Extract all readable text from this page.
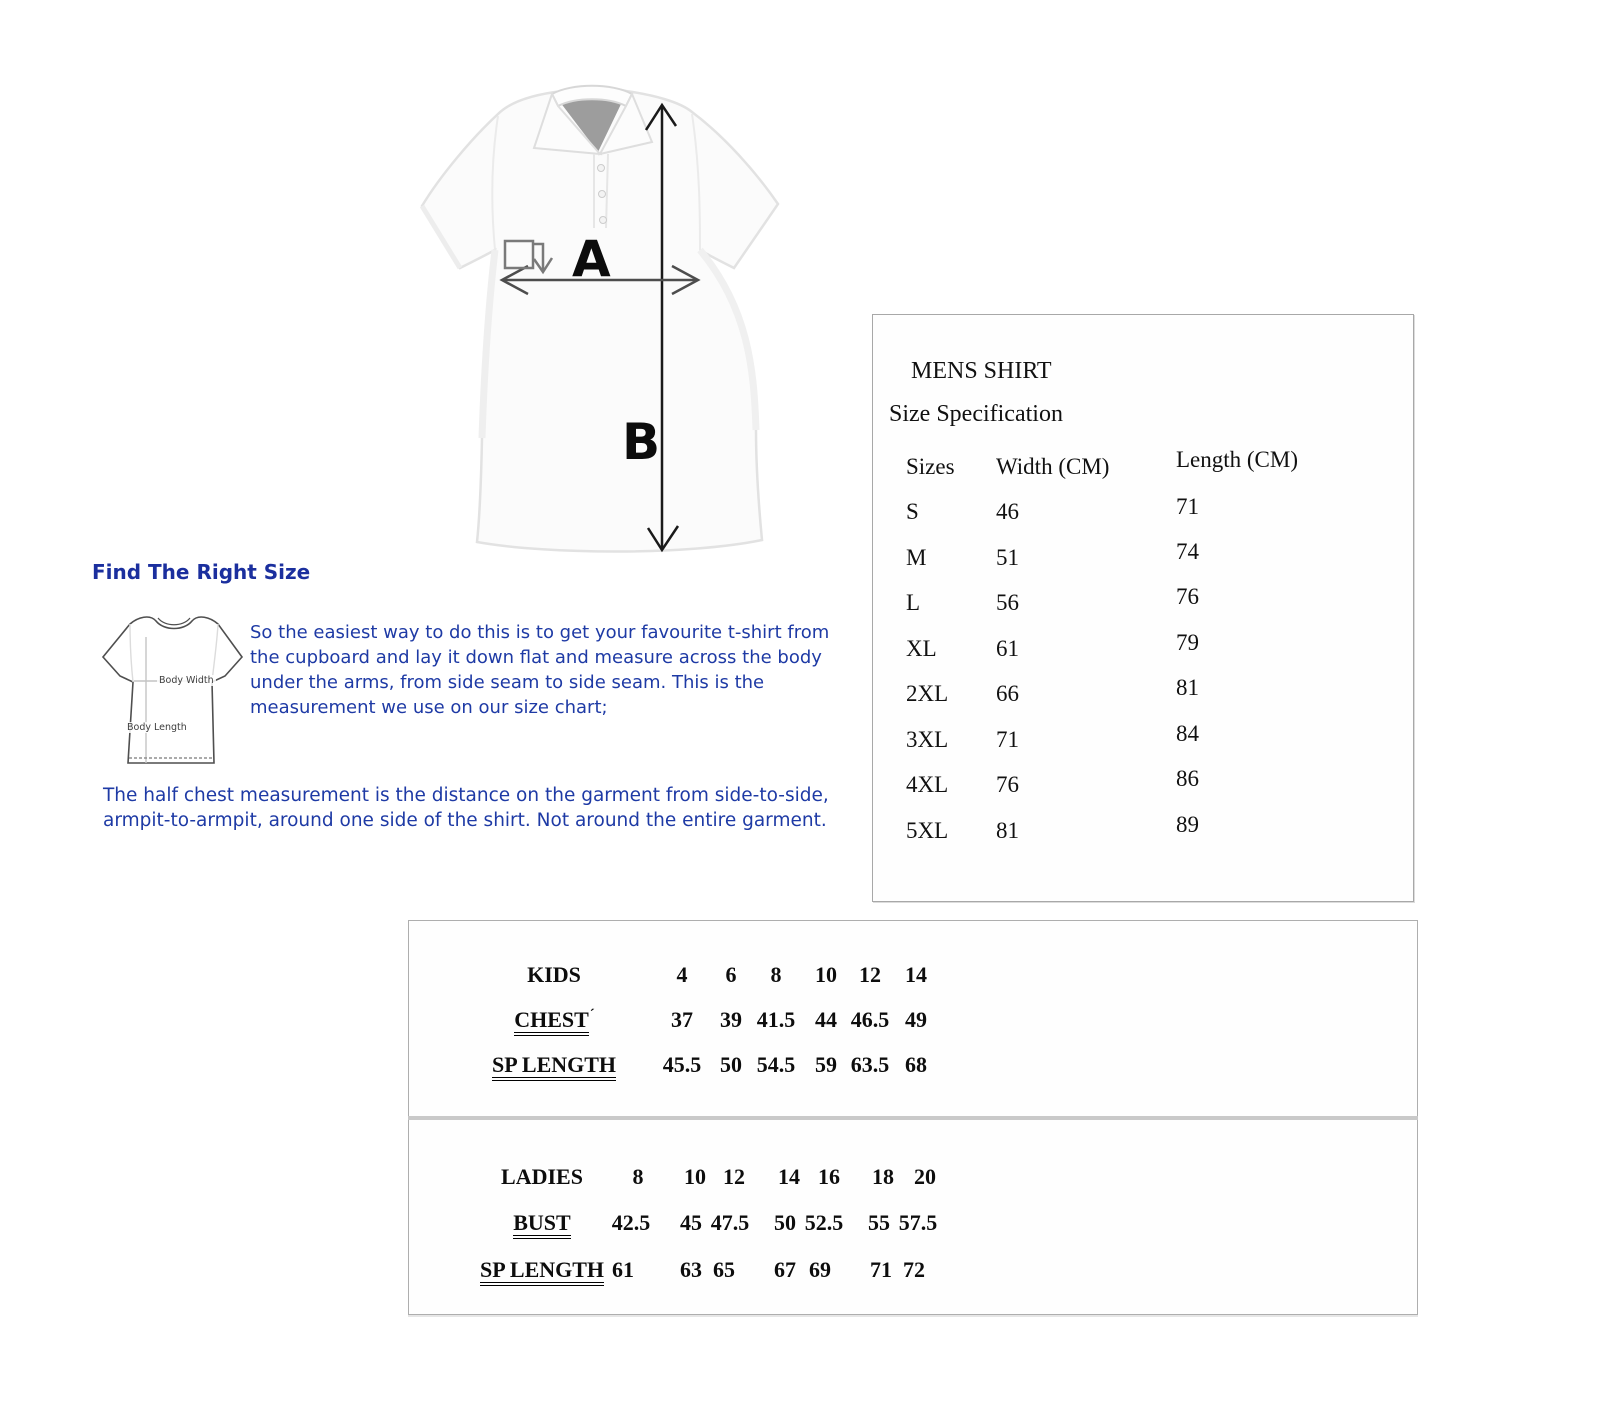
A
B
Find The Right Size
So the easiest way to do this is to get your favourite t-shirt from
the cupboard and lay it down flat and measure across the body
under the arms, from side seam to side seam. This is the
measurement we use on our size chart;
The half chest measurement is the distance on the garment from side-to-side,
armpit-to-armpit, around one side of the shirt. Not around the entire garment.
Body Width
Body Length
MENS SHIRT
Size Specification
Sizes Width (CM)	Length (CM)
S	46	71
M	51	74
L	56	76
XL	61	79
2XL 66	81
3XL 71	84
4XL 76	86
5XL 81	89
KIDS	4	6	8	10	12	14
CHEST´	37	39 41.5 44 46.5 49
SP LENGTH	45.5 50 54.5 59 63.5 68
LADIES	8	10 12	14 16	18 20
BUST	42.5	45 47.5	50 52.5	55 57.5
SP LENGTH 61	63 65	67 69	71 72
